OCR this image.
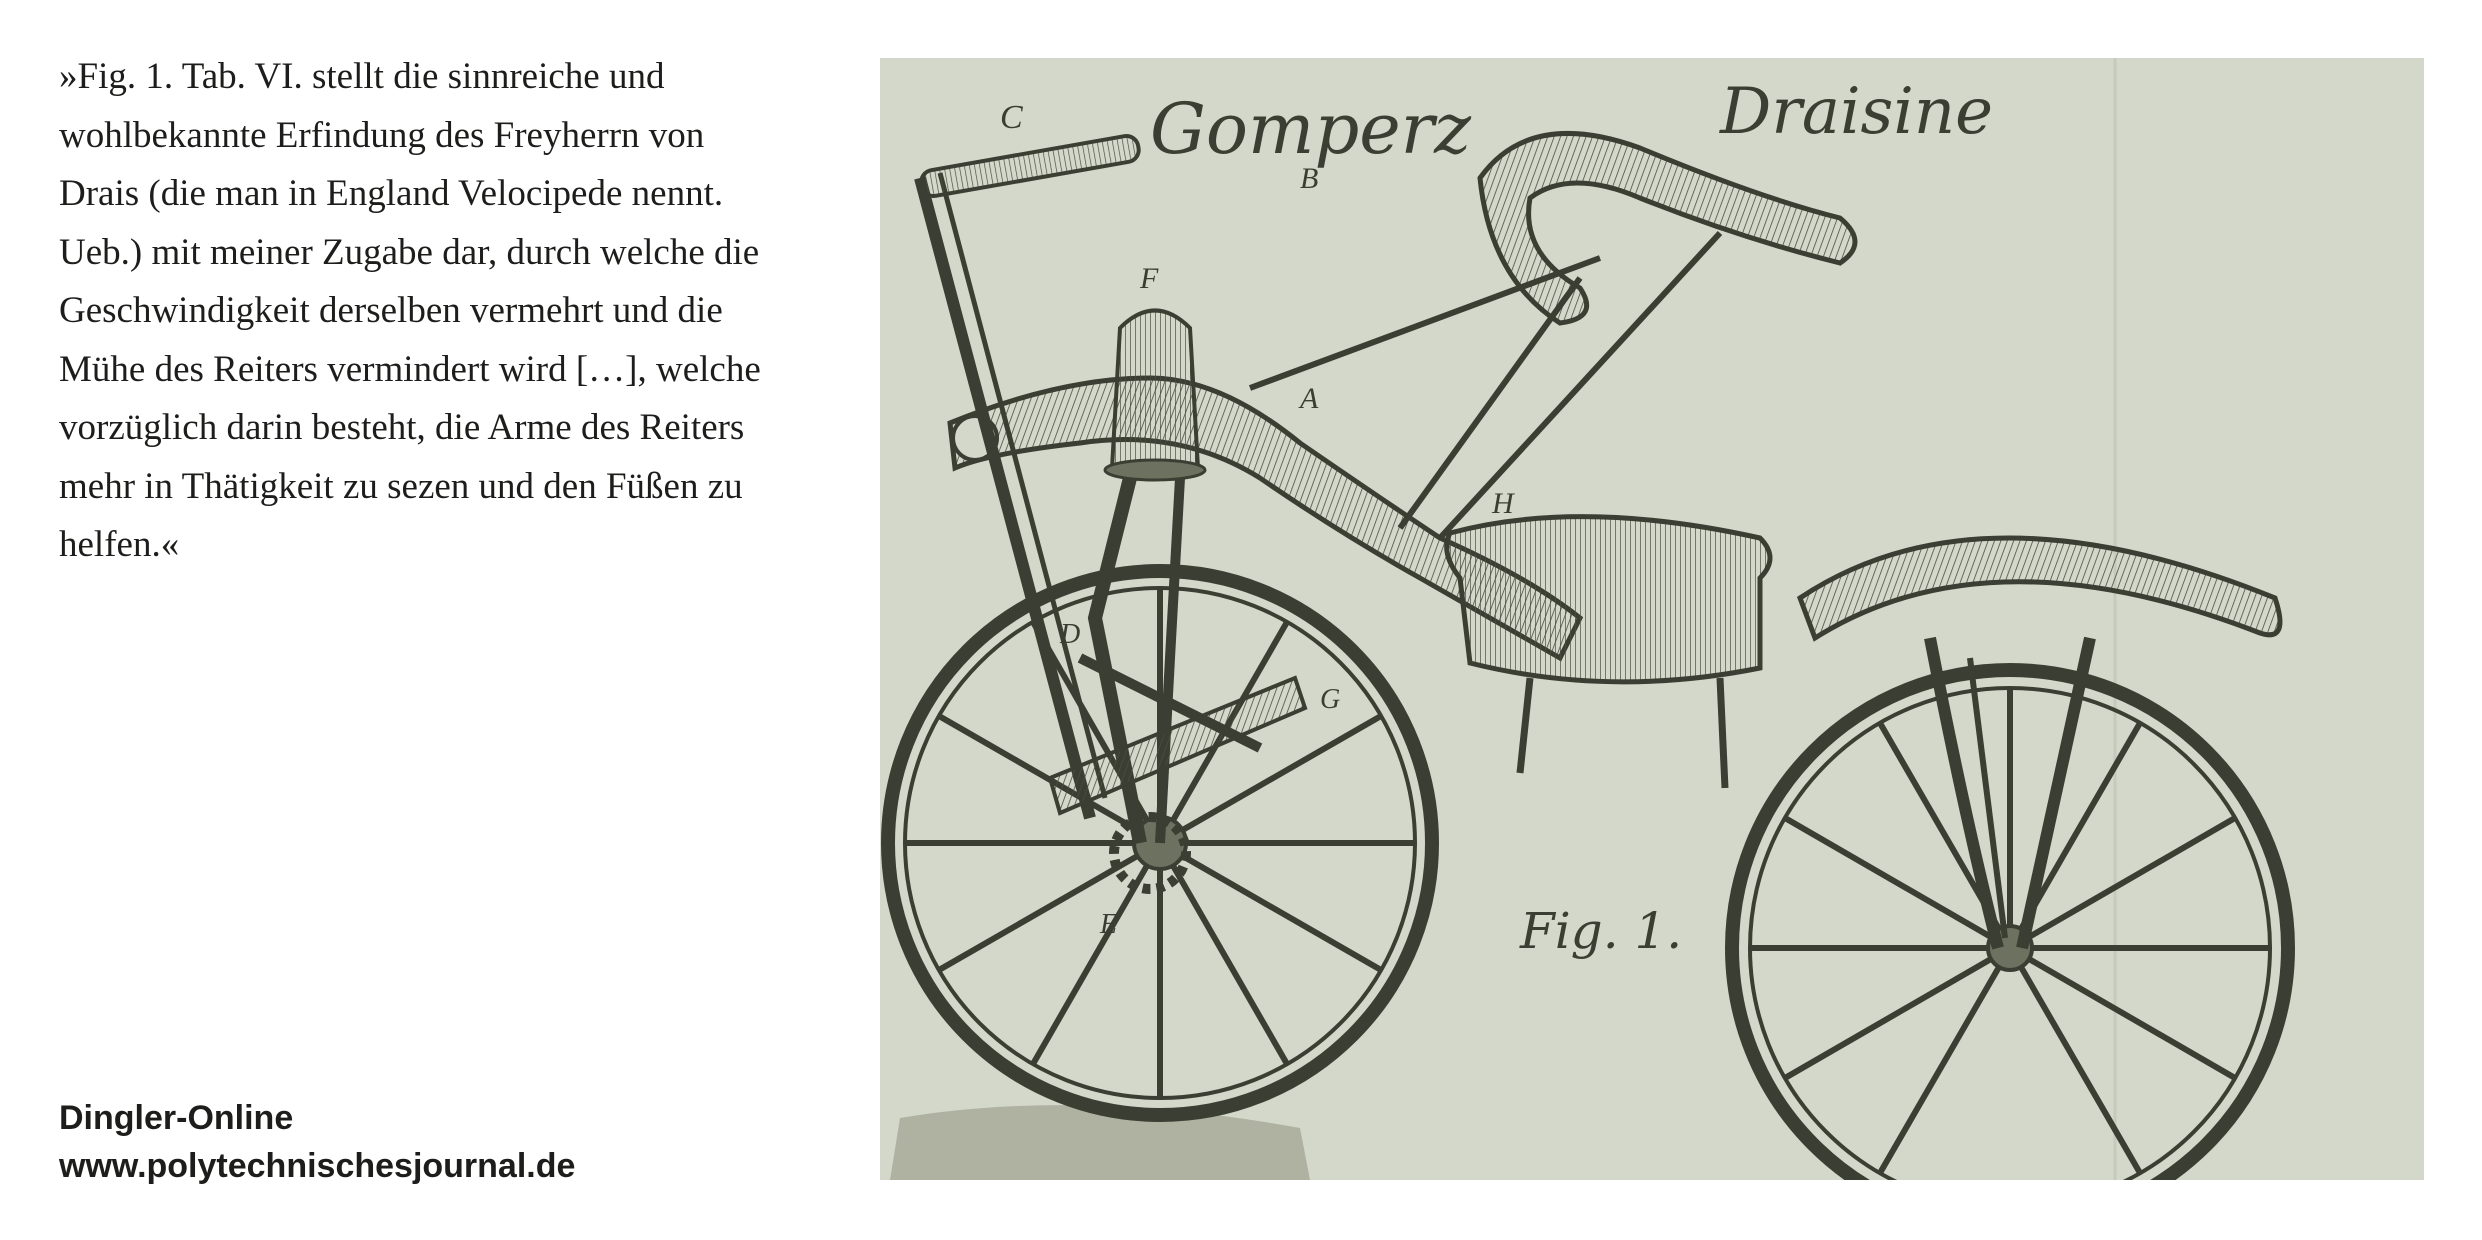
»Fig. 1. Tab. VI. stellt die sinnreiche und
wohlbekannte Erfindung des Freyherrn von
Drais (die man in England Velocipede nennt.
Ueb.) mit meiner Zugabe dar, durch welche die
Geschwindigkeit derselben vermehrt und die
Mühe des Reiters vermindert wird […], welche
vorzüglich darin besteht, die Arme des Reiters
mehr in Thätigkeit zu sezen und den Füßen zu
helfen.«
Dingler-Online
www.polytechnischesjournal.de
Gomperz	Draisine
C
B
F
A
H
D
G
E	Fig. 1.
